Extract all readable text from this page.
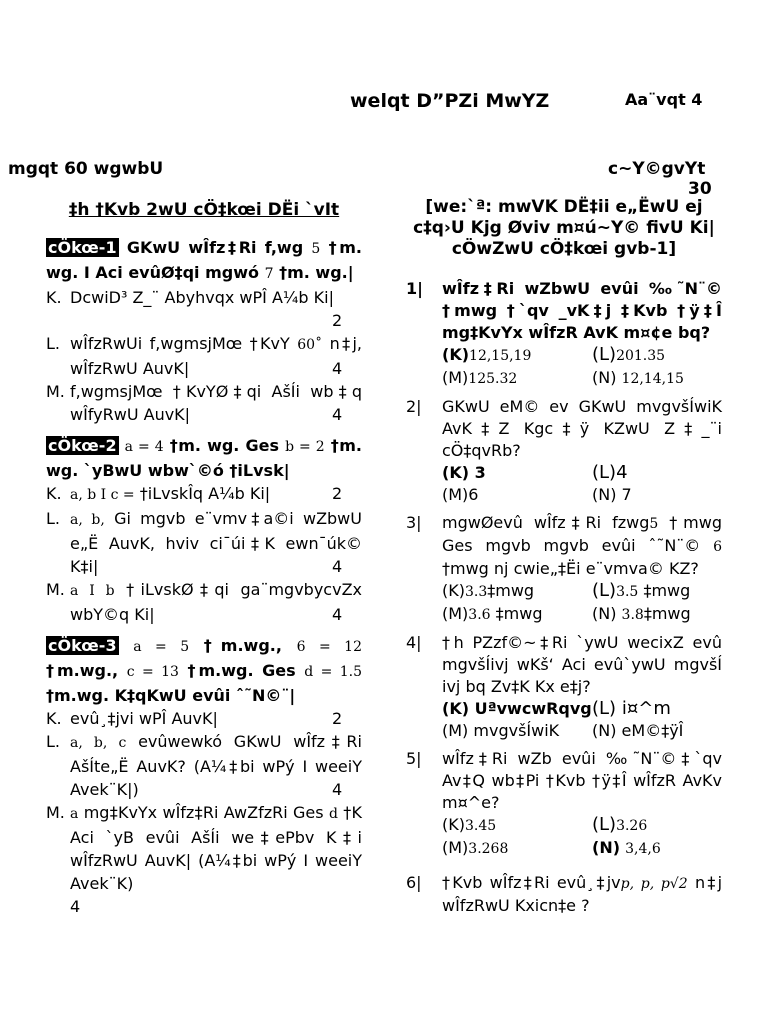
welqt D”PZi MwYZ	Aa¨vqt 4
mgqt 60 wgwbU	c~Y©gvYt
30
‡h †Kvb 2wU cÖ‡kœi DËi `vIt
cÖkœ-1 GKwU wÎfz‡Ri f,wg 5 †m. wg. I Aci evûØ‡qi mgwó 7 †m. wg.|
K. DcwiD³ Z_¨ Abyhvqx wPÎ A¼b Ki|
2
L. wÎfzRwUi f,wgmsjMœ †KvY 60˚ n‡j, wÎfzRwU AuvK|	4
M. f,wgmsjMœ †KvYØ‡qi AšÍi wb‡q wÎfyRwU AuvK|	4
cÖkœ-2 a = 4 †m. wg. Ges b = 2 †m. wg. `yBwU wbw`©ó †iLvsk|
K. a, b I c = †iLvskÎq A¼b Ki|	2
L. a, b, Gi mgvb e¨vmv‡a©i wZbwU e„Ë AuvK, hviv ci¯úi‡K ewn¯úk© K‡i|	4
M. a I b †iLvskØ‡qi ga¨mgvbycvZx wbY©q Ki|	4
cÖkœ-3 a = 5 †m.wg., 6 = 12 †m.wg., c = 13 †m.wg. Ges d = 1.5 †m.wg. K‡qKwU evûi ˆ˜N©¨|
K. evû¸‡jvi wPÎ AuvK|	2
L. a, b, c evûwewkó GKwU wÎfz‡Ri AšÍte„Ë AuvK? (A¼‡bi wPý I weeiY Avek¨K|)	4
M. a mg‡KvYx wÎfz‡Ri AwZfzRi Ges d †K Aci `yB evûi AšÍi we‡ePbv K‡i wÎfzRwU AuvK| (A¼‡bi wPý I weeiY Avek¨K)
4
[we:`ª: mwVK DË‡ii e„ËwU ej c‡q›U Kjg Øviv m¤ú~Y© fivU Ki| cÖwZwU cÖ‡kœi gvb-1]
1|	wÎfz‡Ri wZbwU evûi ‰˜N¨© †mwg †`qv _vK‡j ‡Kvb †ÿ‡Î mg‡KvYx wÎfzR AvK m¤¢e bq?
(K)12,15,19	(L)201.35
(M)125.32	(N) 12,14,15
2|	GKwU eM© ev GKwU mvgvšÍwiK AvK‡Z Kgc‡ÿ KZwU Z‡_¨i cÖ‡qvRb?
(K) 3	(L)4
(M)6	(N) 7
3|	mgwØevû wÎfz‡Ri fzwg5 †mwg Ges mgvb mgvb evûi ˆ˜N¨© 6 †mwg nj cwie„‡Ëi e¨vmva© KZ?
(K)3.3‡mwg	(L)3.5 ‡mwg
(M)3.6 ‡mwg	(N) 3.8‡mwg
4|	†h PZzf©~‡Ri `ywU wecixZ evû mgvšÍivj wKš‘ Aci evû`ywU mgvšÍ ivj bq Zv‡K Kx e‡j?
(K) UªvwcwRqvg (L) i¤^m
(M) mvgvšÍwiK	(N) eM©‡ÿÎ
5|	wÎfz‡Ri wZb evûi ‰˜N¨©‡`qv Av‡Q wb‡Pi †Kvb †ÿ‡Î wÎfzR AvKv m¤^e?
(K)3.45	(L)3.26
(M)3.268	(N) 3,4,6
6|	†Kvb wÎfz‡Ri evû¸‡jvp, p, p√2 n‡j wÎfzRwU Kxicn‡e ?
